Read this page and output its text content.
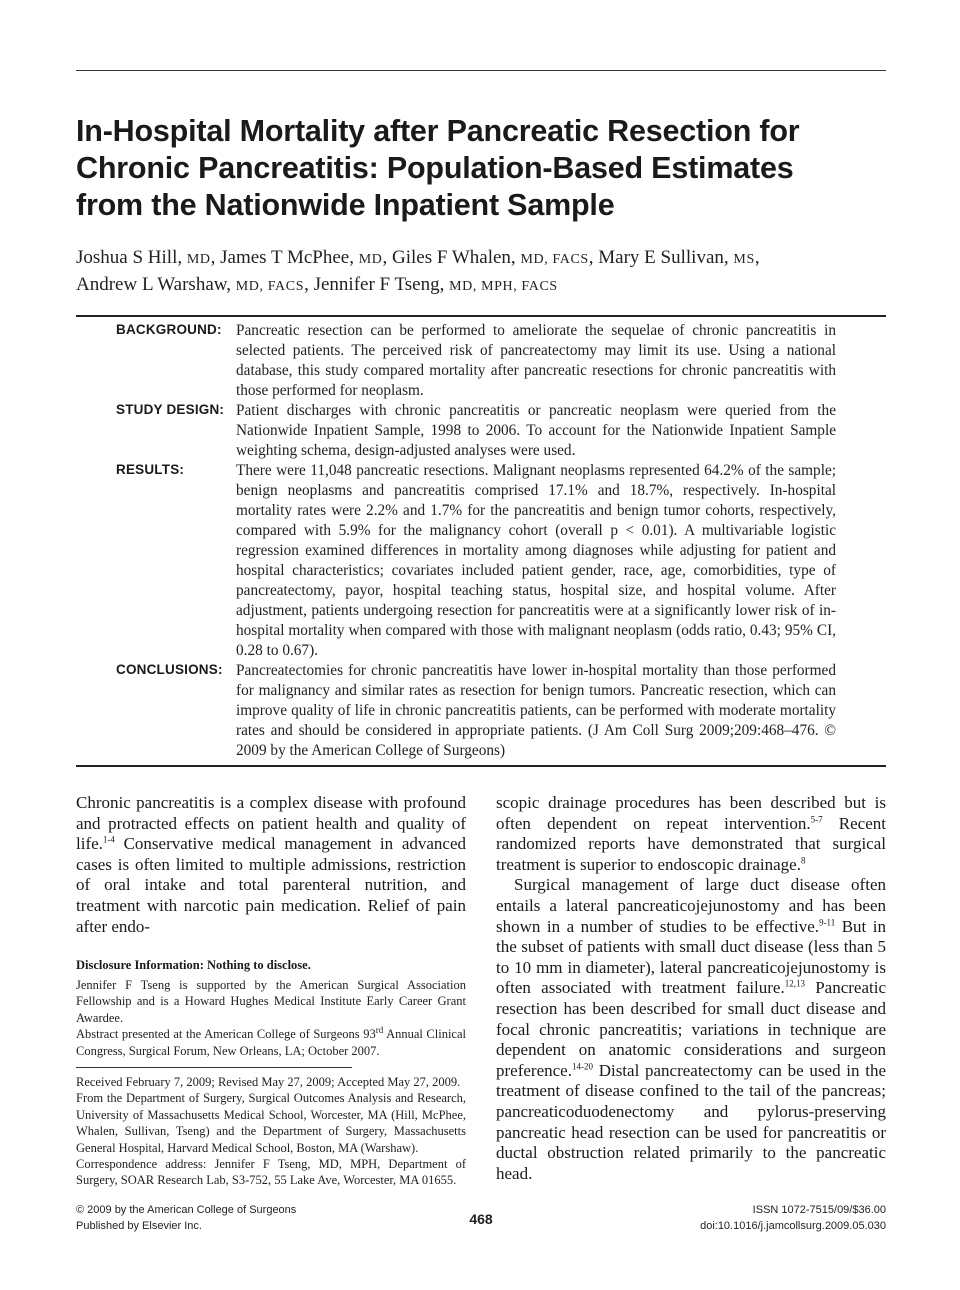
In-Hospital Mortality after Pancreatic Resection for
Chronic Pancreatitis: Population-Based Estimates
from the Nationwide Inpatient Sample
Joshua S Hill, MD, James T McPhee, MD, Giles F Whalen, MD, FACS, Mary E Sullivan, MS,
Andrew L Warshaw, MD, FACS, Jennifer F Tseng, MD, MPH, FACS
BACKGROUND: Pancreatic resection can be performed to ameliorate the sequelae of chronic pancreatitis in selected patients. The perceived risk of pancreatectomy may limit its use. Using a national database, this study compared mortality after pancreatic resections for chronic pancreatitis with those performed for neoplasm.
STUDY DESIGN: Patient discharges with chronic pancreatitis or pancreatic neoplasm were queried from the Nationwide Inpatient Sample, 1998 to 2006. To account for the Nationwide Inpatient Sample weighting schema, design-adjusted analyses were used.
RESULTS:	There were 11,048 pancreatic resections. Malignant neoplasms represented 64.2% of the sample; benign neoplasms and pancreatitis comprised 17.1% and 18.7%, respectively. In-hospital mortality rates were 2.2% and 1.7% for the pancreatitis and benign tumor cohorts, respectively, compared with 5.9% for the malignancy cohort (overall p < 0.01). A multivariable logistic regression examined differences in mortality among diagnoses while adjusting for patient and hospital characteristics; covariates included patient gender, race, age, comorbidities, type of pancreatectomy, payor, hospital teaching status, hospital size, and hospital volume. After adjustment, patients undergoing resection for pancreatitis were at a significantly lower risk of in-hospital mortality when compared with those with malignant neoplasm (odds ratio, 0.43; 95% CI, 0.28 to 0.67).
CONCLUSIONS: Pancreatectomies for chronic pancreatitis have lower in-hospital mortality than those performed for malignancy and similar rates as resection for benign tumors. Pancreatic resection, which can improve quality of life in chronic pancreatitis patients, can be performed with moderate mortality rates and should be considered in appropriate patients. (J Am Coll Surg 2009;209:468–476. © 2009 by the American College of Surgeons)

Chronic pancreatitis is a complex disease with profound and protracted effects on patient health and quality of life.$^{1-4}$ Conservative medical management in advanced cases is often limited to multiple admissions, restriction of oral intake and total parenteral nutrition, and treatment with narcotic pain medication. Relief of pain after endo-

Disclosure Information: Nothing to disclose.

Jennifer F Tseng is supported by the American Surgical Association Fellowship and is a Howard Hughes Medical Institute Early Career Grant Awardee.

Abstract presented at the American College of Surgeons 93rd Annual Clinical Congress, Surgical Forum, New Orleans, LA; October 2007.

Received February 7, 2009; Revised May 27, 2009; Accepted May 27, 2009.

From the Department of Surgery, Surgical Outcomes Analysis and Research, University of Massachusetts Medical School, Worcester, MA (Hill, McPhee, Whalen, Sullivan, Tseng) and the Department of Surgery, Massachusetts General Hospital, Harvard Medical School, Boston, MA (Warshaw).

Correspondence address: Jennifer F Tseng, MD, MPH, Department of Surgery, SOAR Research Lab, S3-752, 55 Lake Ave, Worcester, MA 01655.

scopic drainage procedures has been described but is often dependent on repeat intervention.$^{5-7}$ Recent randomized reports have demonstrated that surgical treatment is superior to endoscopic drainage.$^8$

Surgical management of large duct disease often entails a lateral pancreaticojejunostomy and has been shown in a number of studies to be effective.$^{9-11}$ But in the subset of patients with small duct disease (less than 5 to 10 mm in diameter), lateral pancreaticojejunostomy is often associated with treatment failure.$^{12,13}$ Pancreatic resection has been described for small duct disease and focal chronic pancreatitis; variations in technique are dependent on anatomic considerations and surgeon preference.$^{14-20}$ Distal pancreatectomy can be used in the treatment of disease confined to the tail of the pancreas; pancreaticoduodenectomy and pylorus-preserving pancreatic head resection can be used for pancreatitis or ductal obstruction related primarily to the pancreatic head.

© 2009 by the American College of Surgeons
Published by Elsevier Inc.	468
ISSN 1072-7515/09/$36.00
doi:10.1016/j.jamcollsurg.2009.05.030
